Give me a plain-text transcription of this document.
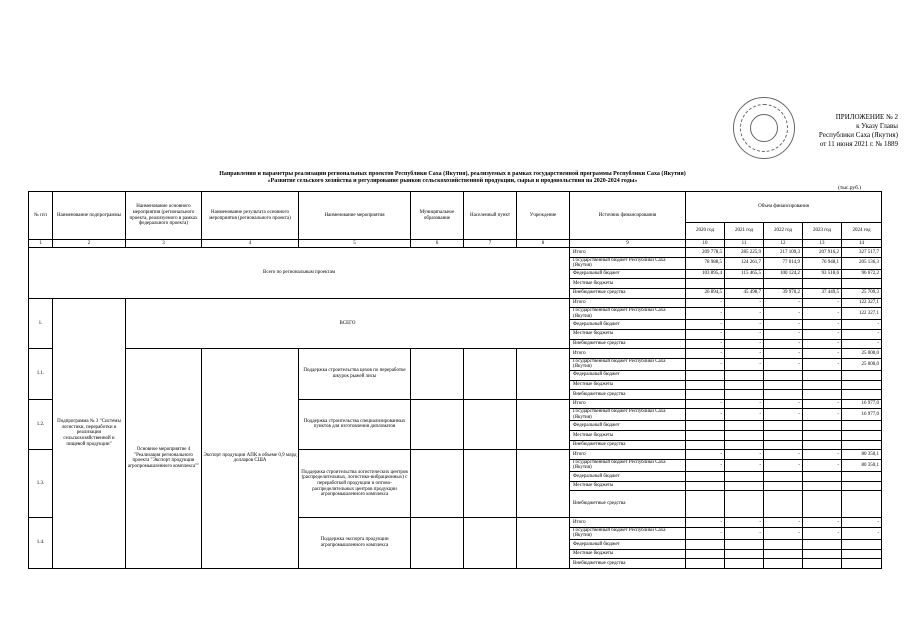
ПРИЛОЖЕНИЕ № 2
к Указу Главы
Республики Саха (Якутия)
от 11 июня 2021 г. № 1889
Направления и параметры реализации региональных проектов Республики Саха (Якутия), реализуемых в рамках государственной программы Республики Саха (Якутия)
«Развитие сельского хозяйства и регулирование рынков сельскохозяйственной продукции, сырья и продовольствия на 2020-2024 годы»
(тыс.руб.)
№ п/п	Наименование подпрограммы	Наименование основного мероприятия (регионального проекта, реализуемого в рамках федерального проекта)	Наименование результата основного мероприятия (регионального проекта)	Наименование мероприятия	Муниципальное образование	Населенный пункт	Учреждение	Источник финансирования	Объем финансирования				
									2020 год	2021 год	2022 год	2023 год	2024 год
1	2	3	4	5	6	7	8	9	10	11	12	13	14
Всего по региональным проектам								Итого	209 778,5	285 225,9	217 109,3	207 916,2	327 517,7
								Государственный бюджет Республики Саха (Якутия)	78 988,5	124 261,7	77 014,9	76 948,1	205 136,3
								Федеральный бюджет	103 895,4	115 465,5	100 124,2	93 518,6	96 672,2
								Местные бюджеты					
								Внебюджетные средства	26 894,5	45 498,7	39 970,2	37 449,5	25 709,3
1.	Подпрограмма № 3 "Системы логистики, переработки и реализации сельскохозяйственной и пищевой продукции"	ВСЕГО						Итого	-	-	-	-	122 327,1
								Государственный бюджет Республики Саха (Якутия)	-	-	-	-	122 327,1
								Федеральный бюджет	-	-	-	-	-
								Местные бюджеты	-	-	-	-	-
								Внебюджетные средства	-	-	-	-	-
1.1.		Основное мероприятие 4 "Реализация регионального проекта "Экспорт продукции агропромышленного комплекса""	Экспорт продукции АПК в объеме 0,9 млрд долларов США	Поддержка строительства цехов по переработке шкурок рыжей лисы				Итого	-	-	-	-	25 000,0
								Государственный бюджет Республики Саха (Якутия)	-	-	-	-	25 000,0
								Федеральный бюджет					
								Местные бюджеты					
								Внебюджетные средства					
1.2.				Поддержка строительства специализированных пунктов для изготовления дипломатов				Итого	-	-	-	-	16 977,0
								Государственный бюджет Республики Саха (Якутия)	-	-	-	-	16 977,0
								Федеральный бюджет					
								Местные бюджеты					
								Внебюджетные средства					
1.3.				Поддержка строительства логистических центров (распределительных, логистико-вибрационных) с переработкой продукции и оптово-распределительных центров продукции агропромышленного комплекса				Итого	-	-	-	-	80 350,1
								Государственный бюджет Республики Саха (Якутия)	-	-	-	-	80 350,1
								Федеральный бюджет					
								Местные бюджеты					
								Внебюджетные средства					
1.4.				Поддержка экспорта продукции агропромышленного комплекса				Итого	-	-	-	-	-
								Государственный бюджет Республики Саха (Якутия)	-	-	-	-	-
								Федеральный бюджет					
								Местные бюджеты					
								Внебюджетные средства					
